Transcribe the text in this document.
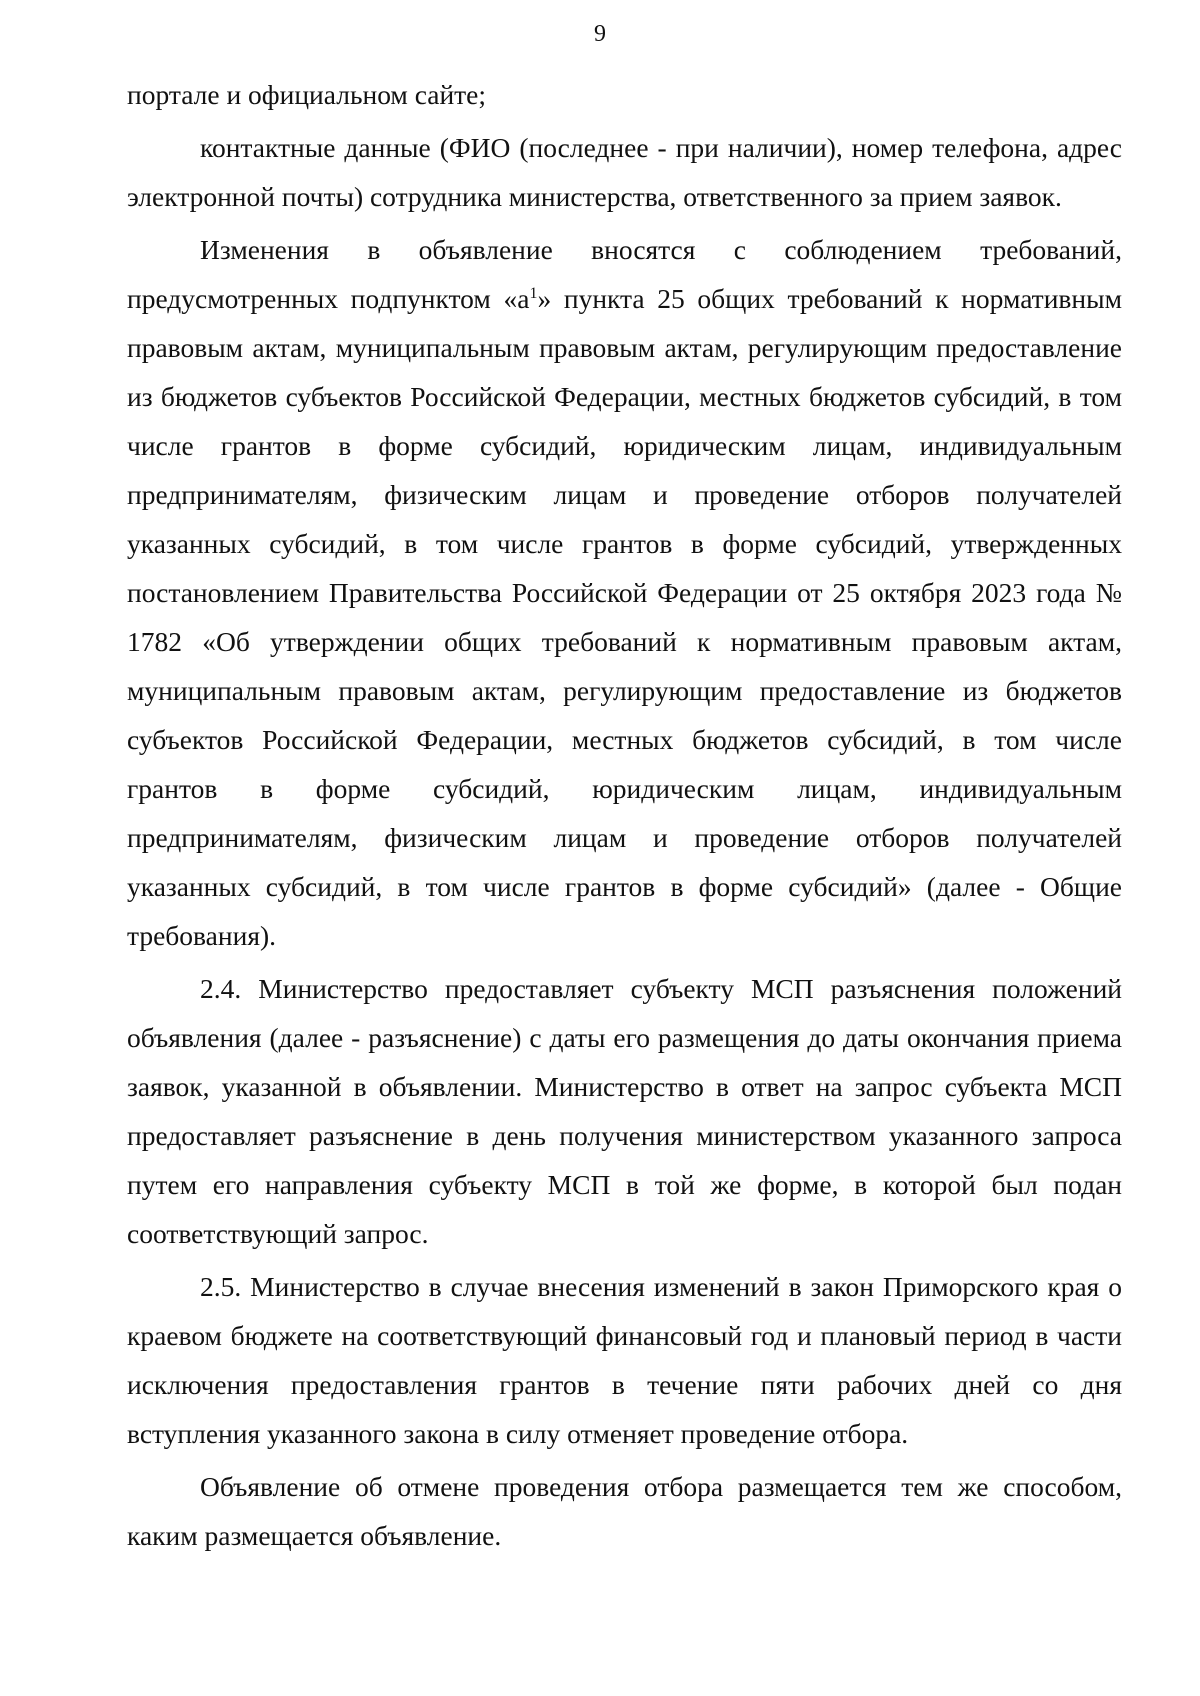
9

портале и официальном сайте;

контактные данные (ФИО (последнее - при наличии), номер телефона, адрес электронной почты) сотрудника министерства, ответственного за прием заявок.

Изменения в объявление вносятся с соблюдением требований, предусмотренных подпунктом «$а^1$» пункта 25 общих требований к нормативным правовым актам, муниципальным правовым актам, регулирующим предоставление из бюджетов субъектов Российской Федерации, местных бюджетов субсидий, в том числе грантов в форме субсидий, юридическим лицам, индивидуальным предпринимателям, физическим лицам и проведение отборов получателей указанных субсидий, в том числе грантов в форме субсидий, утвержденных постановлением Правительства Российской Федерации от 25 октября 2023 года № 1782 «Об утверждении общих требований к нормативным правовым актам, муниципальным правовым актам, регулирующим предоставление из бюджетов субъектов Российской Федерации, местных бюджетов субсидий, в том числе грантов в форме субсидий, юридическим лицам, индивидуальным предпринимателям, физическим лицам и проведение отборов получателей указанных субсидий, в том числе грантов в форме субсидий» (далее - Общие требования).

2.4. Министерство предоставляет субъекту МСП разъяснения положений объявления (далее - разъяснение) с даты его размещения до даты окончания приема заявок, указанной в объявлении. Министерство в ответ на запрос субъекта МСП предоставляет разъяснение в день получения министерством указанного запроса путем его направления субъекту МСП в той же форме, в которой был подан соответствующий запрос.

2.5. Министерство в случае внесения изменений в закон Приморского края о краевом бюджете на соответствующий финансовый год и плановый период в части исключения предоставления грантов в течение пяти рабочих дней со дня вступления указанного закона в силу отменяет проведение отбора.

Объявление об отмене проведения отбора размещается тем же способом, каким размещается объявление.
